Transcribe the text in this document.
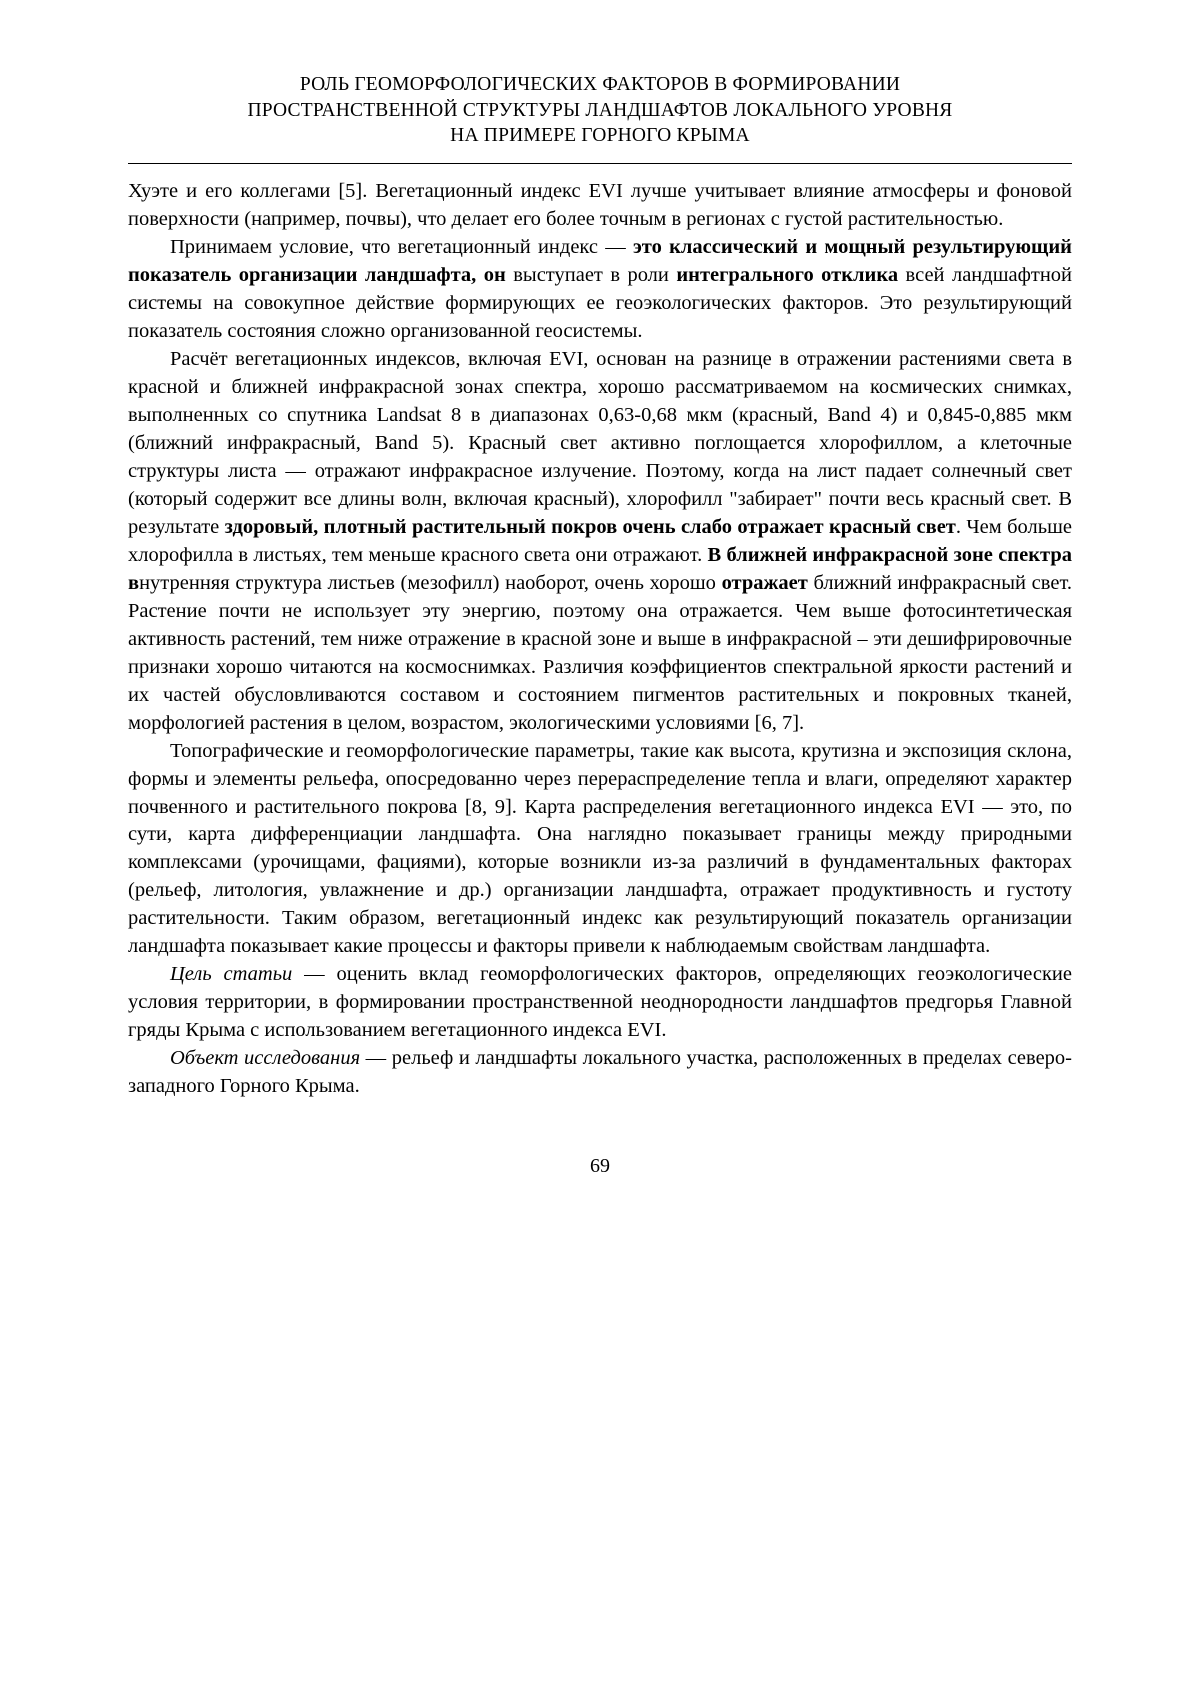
РОЛЬ ГЕОМОРФОЛОГИЧЕСКИХ ФАКТОРОВ В ФОРМИРОВАНИИ
ПРОСТРАНСТВЕННОЙ СТРУКТУРЫ ЛАНДШАФТОВ ЛОКАЛЬНОГО УРОВНЯ
НА ПРИМЕРЕ ГОРНОГО КРЫМА

Хуэте и его коллегами [5]. Вегетационный индекс EVI лучше учитывает влияние атмосферы и фоновой поверхности (например, почвы), что делает его более точным в регионах с густой растительностью.

Принимаем условие, что вегетационный индекс — это классический и мощный результирующий показатель организации ландшафта, он выступает в роли интегрального отклика всей ландшафтной системы на совокупное действие формирующих ее геоэкологических факторов. Это результирующий показатель состояния сложно организованной геосистемы.

Расчёт вегетационных индексов, включая EVI, основан на разнице в отражении растениями света в красной и ближней инфракрасной зонах спектра, хорошо рассматриваемом на космических снимках, выполненных со спутника Landsat 8 в диапазонах 0,63-0,68 мкм (красный, Band 4) и 0,845-0,885 мкм (ближний инфракрасный, Band 5). Красный свет активно поглощается хлорофиллом, а клеточные структуры листа — отражают инфракрасное излучение. Поэтому, когда на лист падает солнечный свет (который содержит все длины волн, включая красный), хлорофилл "забирает" почти весь красный свет. В результате здоровый, плотный растительный покров очень слабо отражает красный свет. Чем больше хлорофилла в листьях, тем меньше красного света они отражают. В ближней инфракрасной зоне спектра внутренняя структура листьев (мезофилл) наоборот, очень хорошо отражает ближний инфракрасный свет. Растение почти не использует эту энергию, поэтому она отражается. Чем выше фотосинтетическая активность растений, тем ниже отражение в красной зоне и выше в инфракрасной – эти дешифрировочные признаки хорошо читаются на космоснимках. Различия коэффициентов спектральной яркости растений и их частей обусловливаются составом и состоянием пигментов растительных и покровных тканей, морфологией растения в целом, возрастом, экологическими условиями [6, 7].

Топографические и геоморфологические параметры, такие как высота, крутизна и экспозиция склона, формы и элементы рельефа, опосредованно через перераспределение тепла и влаги, определяют характер почвенного и растительного покрова [8, 9]. Карта распределения вегетационного индекса EVI — это, по сути, карта дифференциации ландшафта. Она наглядно показывает границы между природными комплексами (урочищами, фациями), которые возникли из-за различий в фундаментальных факторах (рельеф, литология, увлажнение и др.) организации ландшафта, отражает продуктивность и густоту растительности. Таким образом, вегетационный индекс как результирующий показатель организации ландшафта показывает какие процессы и факторы привели к наблюдаемым свойствам ландшафта.

Цель статьи — оценить вклад геоморфологических факторов, определяющих геоэкологические условия территории, в формировании пространственной неоднородности ландшафтов предгорья Главной гряды Крыма с использованием вегетационного индекса EVI.

Объект исследования — рельеф и ландшафты локального участка, расположенных в пределах северо-западного Горного Крыма.

69
